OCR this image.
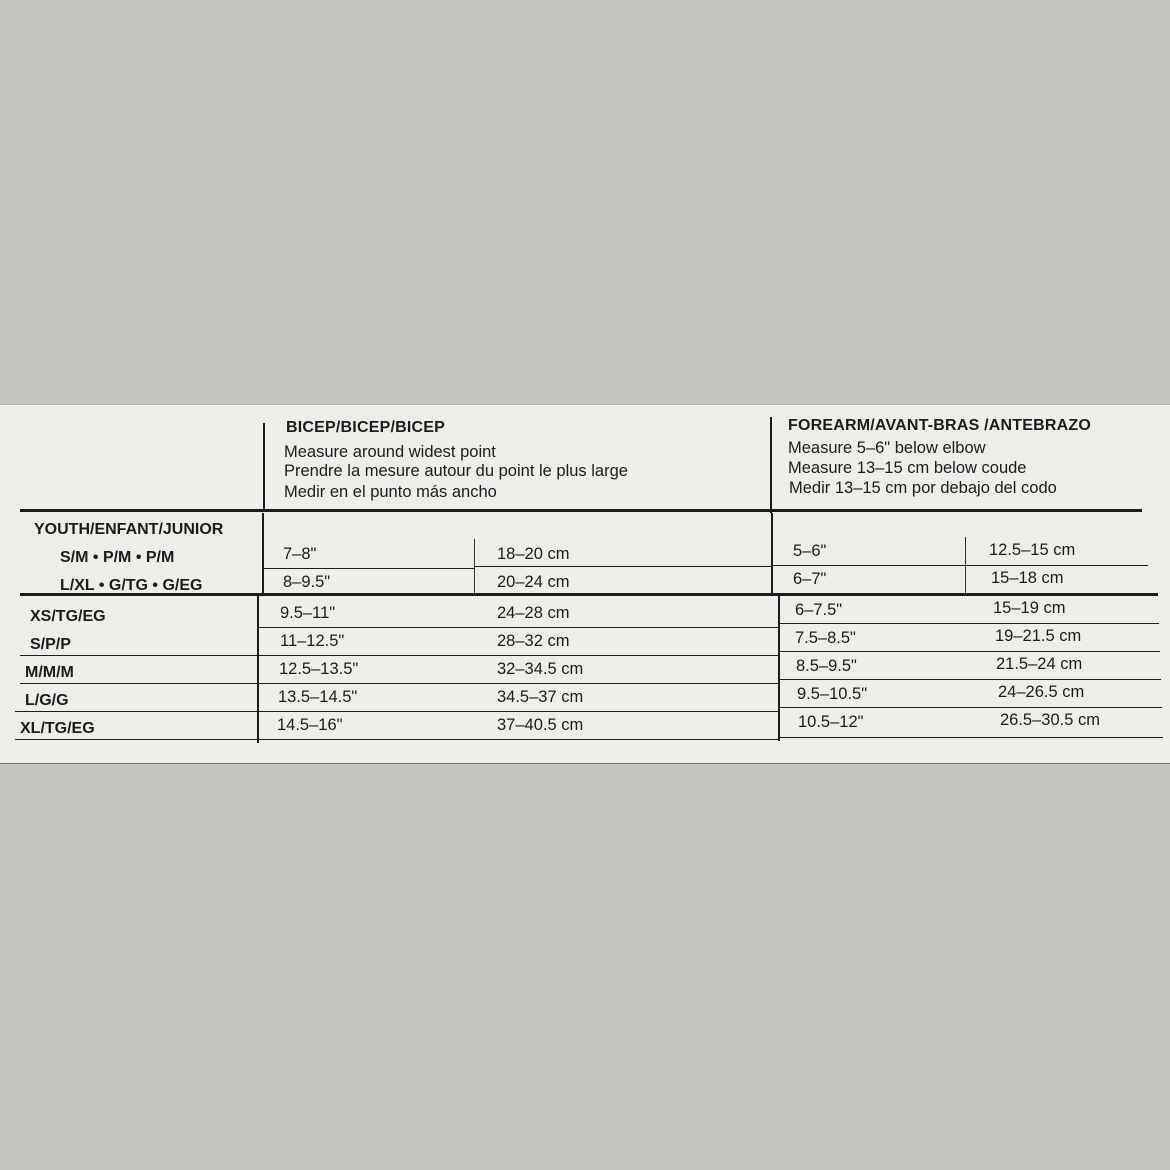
BICEP/BICEP/BICEP
Measure around widest point
Prendre la mesure autour du point le plus large
Medir en el punto más ancho
FOREARM/AVANT-BRAS /ANTEBRAZO
Measure 5–6" below elbow
Measure 13–15 cm below coude
Medir 13–15 cm por debajo del codo
YOUTH/ENFANT/JUNIOR
S/M • P/M • P/M	7–8"	18–20 cm	5–6"	12.5–15 cm
L/XL • G/TG • G/EG	8–9.5"	20–24 cm	6–7"	15–18 cm
XS/TG/EG	9.5–11"	24–28 cm	6–7.5"	15–19 cm
S/P/P	11–12.5"	28–32 cm	7.5–8.5"	19–21.5 cm
M/M/M	12.5–13.5"	32–34.5 cm	8.5–9.5"	21.5–24 cm
L/G/G	13.5–14.5"	34.5–37 cm	9.5–10.5"	24–26.5 cm
XL/TG/EG	14.5–16"	37–40.5 cm	10.5–12"	26.5–30.5 cm
